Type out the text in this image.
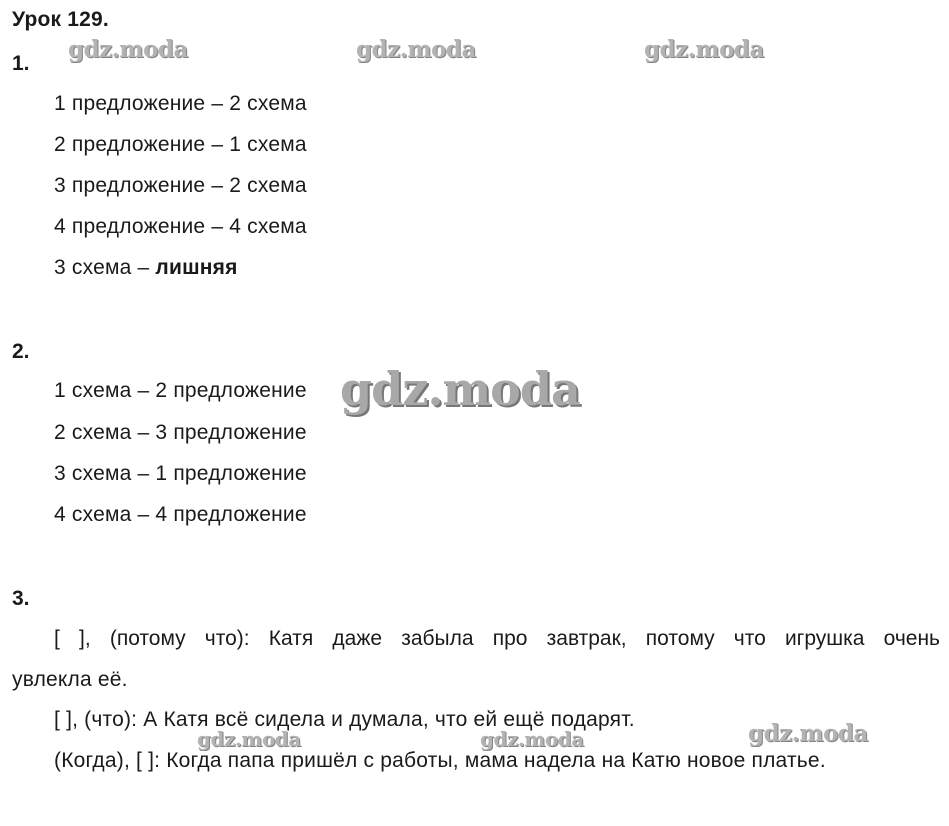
Урок 129.
1.
1 предложение – 2 схема
2 предложение – 1 схема
3 предложение – 2 схема
4 предложение – 4 схема
3 схема – лишняя
2.
1 схема – 2 предложение
2 схема – 3 предложение
3 схема – 1 предложение
4 схема – 4 предложение
3.
[ ], (потому что): Катя даже забыла про завтрак, потому что игрушка очень
увлекла её.
[ ], (что): А Катя всё сидела и думала, что ей ещё подарят.
(Когда), [ ]: Когда папа пришёл с работы, мама надела на Катю новое платье.
gdz.moda	gdz.moda	gdz.moda
gdz.moda
gdz.moda	gdz.moda	gdz.moda
